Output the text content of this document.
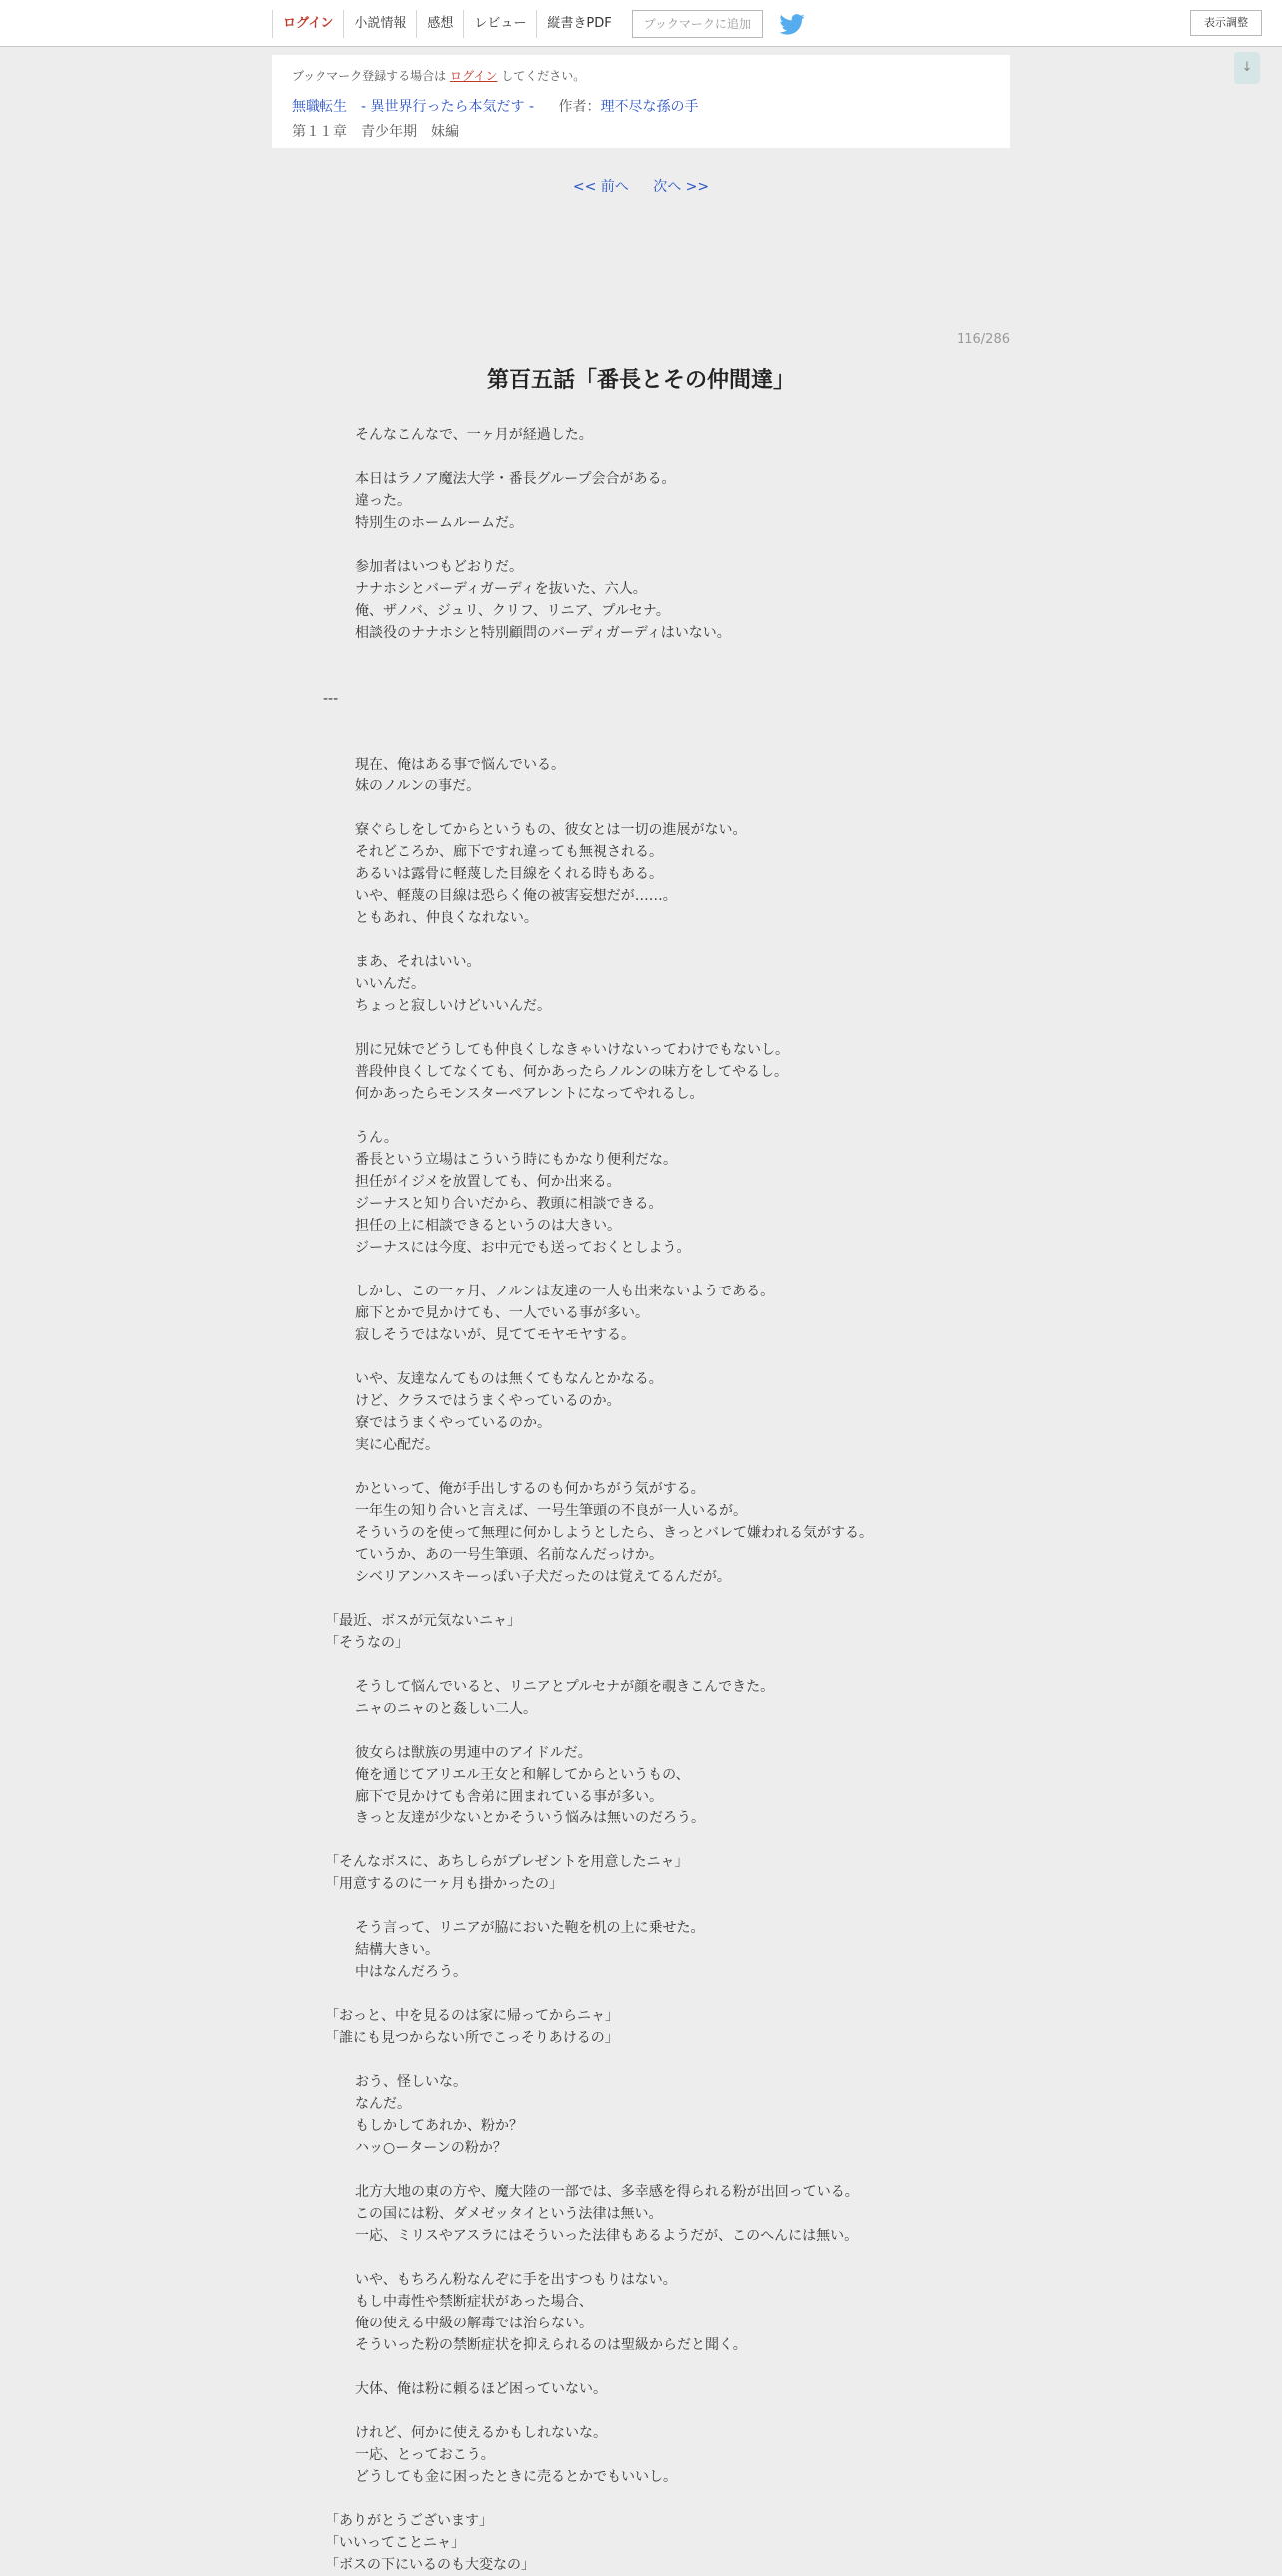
ログイン	小説情報	感想	レビュー	縦書きPDF	ブックマークに追加	表示調整
↓
ブックマーク登録する場合は ログイン してください。
無職転生　- 異世界行ったら本気だす - 作者：理不尽な孫の手
第１１章　青少年期　妹編
<< 前へ 次へ >>
116/286
第百五話「番長とその仲間達」
そんなこんなで、一ヶ月が経過した。
本日はラノア魔法大学・番長グループ会合がある。
違った。
特別生のホームルームだ。
参加者はいつもどおりだ。
ナナホシとバーディガーディを抜いた、六人。
俺、ザノバ、ジュリ、クリフ、リニア、プルセナ。
相談役のナナホシと特別顧問のバーディガーディはいない。
---
現在、俺はある事で悩んでいる。
妹のノルンの事だ。
寮ぐらしをしてからというもの、彼女とは一切の進展がない。
それどころか、廊下ですれ違っても無視される。
あるいは露骨に軽蔑した目線をくれる時もある。
いや、軽蔑の目線は恐らく俺の被害妄想だが……。
ともあれ、仲良くなれない。
まあ、それはいい。
いいんだ。
ちょっと寂しいけどいいんだ。
別に兄妹でどうしても仲良くしなきゃいけないってわけでもないし。
普段仲良くしてなくても、何かあったらノルンの味方をしてやるし。
何かあったらモンスターペアレントになってやれるし。
うん。
番長という立場はこういう時にもかなり便利だな。
担任がイジメを放置しても、何か出来る。
ジーナスと知り合いだから、教頭に相談できる。
担任の上に相談できるというのは大きい。
ジーナスには今度、お中元でも送っておくとしよう。
しかし、この一ヶ月、ノルンは友達の一人も出来ないようである。
廊下とかで見かけても、一人でいる事が多い。
寂しそうではないが、見ててモヤモヤする。
いや、友達なんてものは無くてもなんとかなる。
けど、クラスではうまくやっているのか。
寮ではうまくやっているのか。
実に心配だ。
かといって、俺が手出しするのも何かちがう気がする。
一年生の知り合いと言えば、一号生筆頭の不良が一人いるが。
そういうのを使って無理に何かしようとしたら、きっとバレて嫌われる気がする。
ていうか、あの一号生筆頭、名前なんだっけか。
シベリアンハスキーっぽい子犬だったのは覚えてるんだが。
「最近、ボスが元気ないニャ」
「そうなの」
そうして悩んでいると、リニアとプルセナが顔を覗きこんできた。
ニャのニャのと姦しい二人。
彼女らは獣族の男連中のアイドルだ。
俺を通じてアリエル王女と和解してからというもの、
廊下で見かけても舎弟に囲まれている事が多い。
きっと友達が少ないとかそういう悩みは無いのだろう。
「そんなボスに、あちしらがプレゼントを用意したニャ」
「用意するのに一ヶ月も掛かったの」
そう言って、リニアが脇においた鞄を机の上に乗せた。
結構大きい。
中はなんだろう。
「おっと、中を見るのは家に帰ってからニャ」
「誰にも見つからない所でこっそりあけるの」
おう、怪しいな。
なんだ。
もしかしてあれか、粉か？
ハッ○ーターンの粉か？
北方大地の東の方や、魔大陸の一部では、多幸感を得られる粉が出回っている。
この国には粉、ダメゼッタイという法律は無い。
一応、ミリスやアスラにはそういった法律もあるようだが、このへんには無い。
いや、もちろん粉なんぞに手を出すつもりはない。
もし中毒性や禁断症状があった場合、
俺の使える中級の解毒では治らない。
そういった粉の禁断症状を抑えられるのは聖級からだと聞く。
大体、俺は粉に頼るほど困っていない。
けれど、何かに使えるかもしれないな。
一応、とっておこう。
どうしても金に困ったときに売るとかでもいいし。
「ありがとうございます」
「いいってことニャ」
「ボスの下にいるのも大変なの」
